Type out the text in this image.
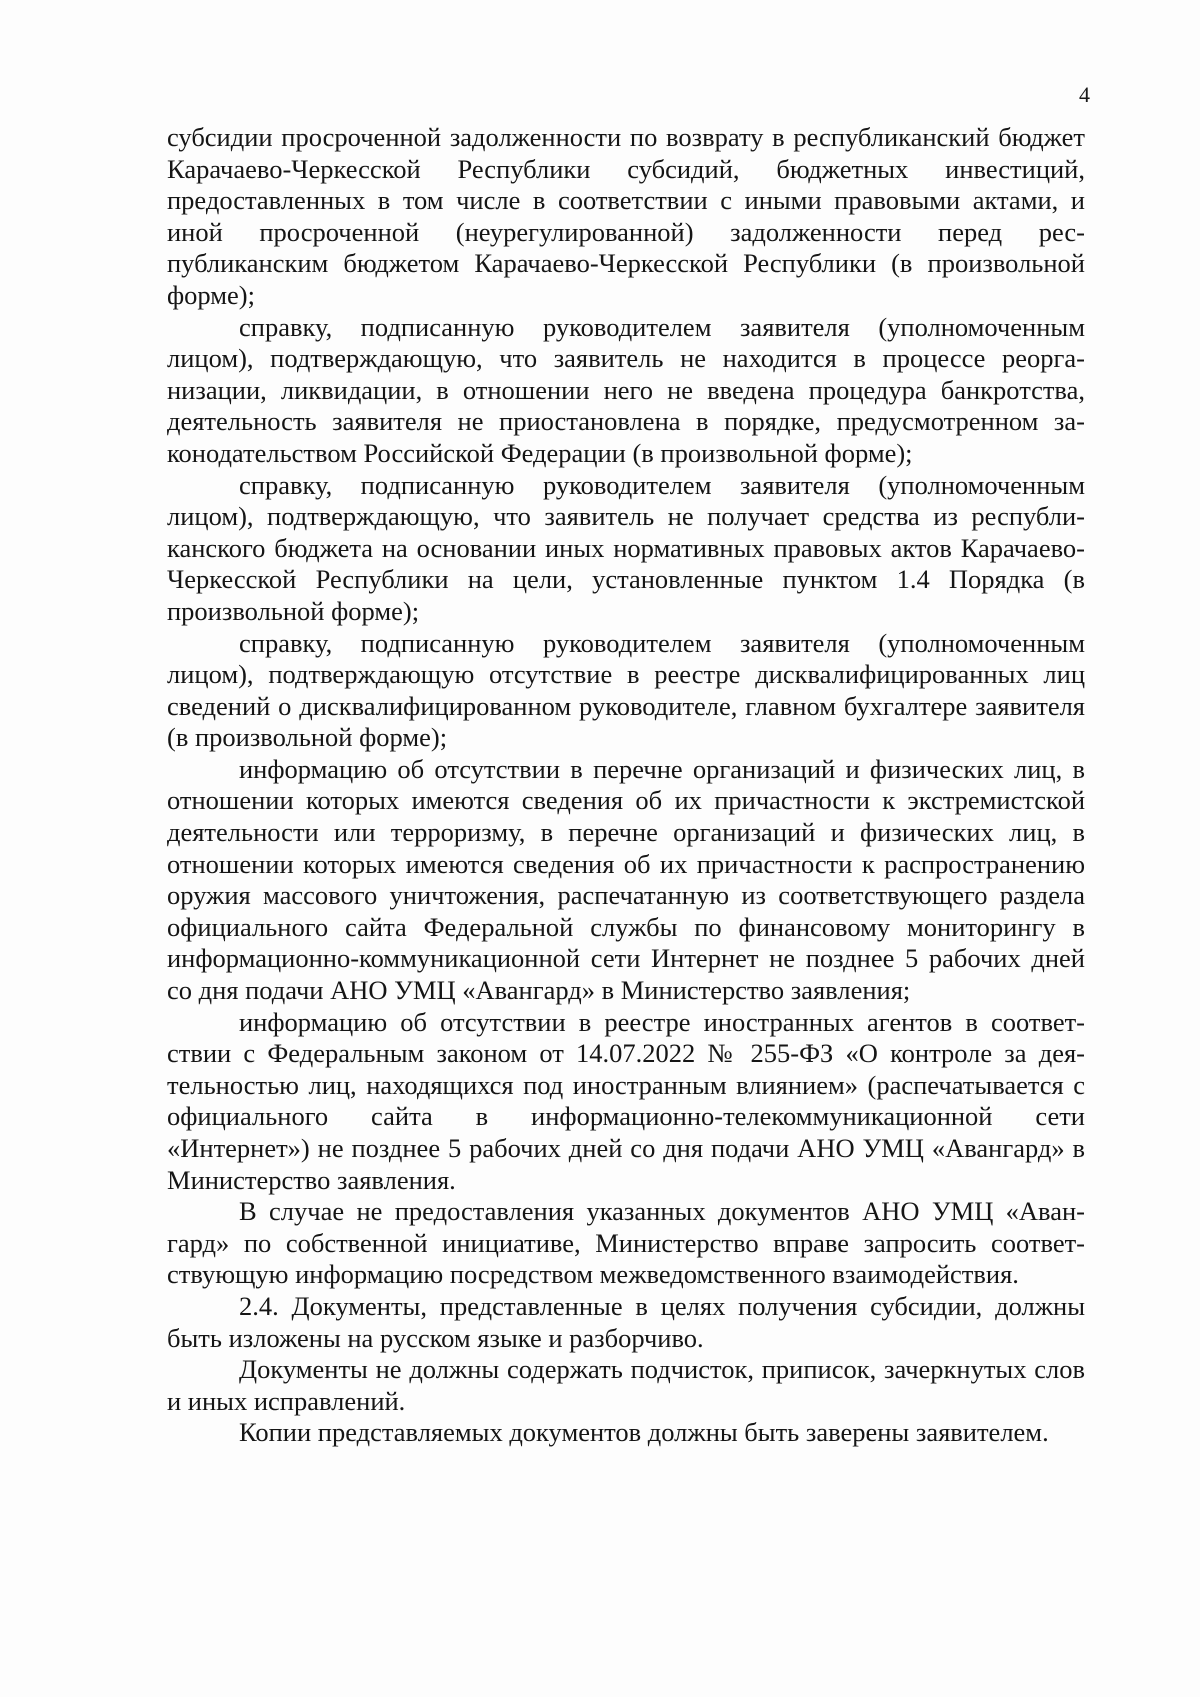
4

субсидии просроченной задолженности по возврату в республиканский бюджет Карачаево-Черкесской Республики субсидий, бюджетных инвестиций, предоставленных в том числе в соответствии с иными правовыми актами, и иной просроченной (неурегулированной) задолженности перед республиканским бюджетом Карачаево-Черкесской Республики (в произвольной форме);

справку, подписанную руководителем заявителя (уполномоченным лицом), подтверждающую, что заявитель не находится в процессе реорганизации, ликвидации, в отношении него не введена процедура банкротства, деятельность заявителя не приостановлена в порядке, предусмотренном законодательством Российской Федерации (в произвольной форме);

справку, подписанную руководителем заявителя (уполномоченным лицом), подтверждающую, что заявитель не получает средства из республиканского бюджета на основании иных нормативных правовых актов Карачаево-Черкесской Республики на цели, установленные пунктом 1.4 Порядка (в произвольной форме);

справку, подписанную руководителем заявителя (уполномоченным лицом), подтверждающую отсутствие в реестре дисквалифицированных лиц сведений о дисквалифицированном руководителе, главном бухгалтере заявителя (в произвольной форме);

информацию об отсутствии в перечне организаций и физических лиц, в отношении которых имеются сведения об их причастности к экстремистской деятельности или терроризму, в перечне организаций и физических лиц, в отношении которых имеются сведения об их причастности к распространению оружия массового уничтожения, распечатанную из соответствующего раздела официального сайта Федеральной службы по финансовому мониторингу в информационно-коммуникационной сети Интернет не позднее 5 рабочих дней со дня подачи АНО УМЦ «Авангард» в Министерство заявления;

информацию об отсутствии в реестре иностранных агентов в соответствии с Федеральным законом от 14.07.2022 № 255-ФЗ «О контроле за деятельностью лиц, находящихся под иностранным влиянием» (распечатывается с официального сайта в информационно-телекоммуникационной сети «Интернет») не позднее 5 рабочих дней со дня подачи АНО УМЦ «Авангард» в Министерство заявления.

В случае не предоставления указанных документов АНО УМЦ «Авангард» по собственной инициативе, Министерство вправе запросить соответствующую информацию посредством межведомственного взаимодействия.

2.4. Документы, представленные в целях получения субсидии, должны быть изложены на русском языке и разборчиво.

Документы не должны содержать подчисток, приписок, зачеркнутых слов и иных исправлений.

Копии представляемых документов должны быть заверены заявителем.
